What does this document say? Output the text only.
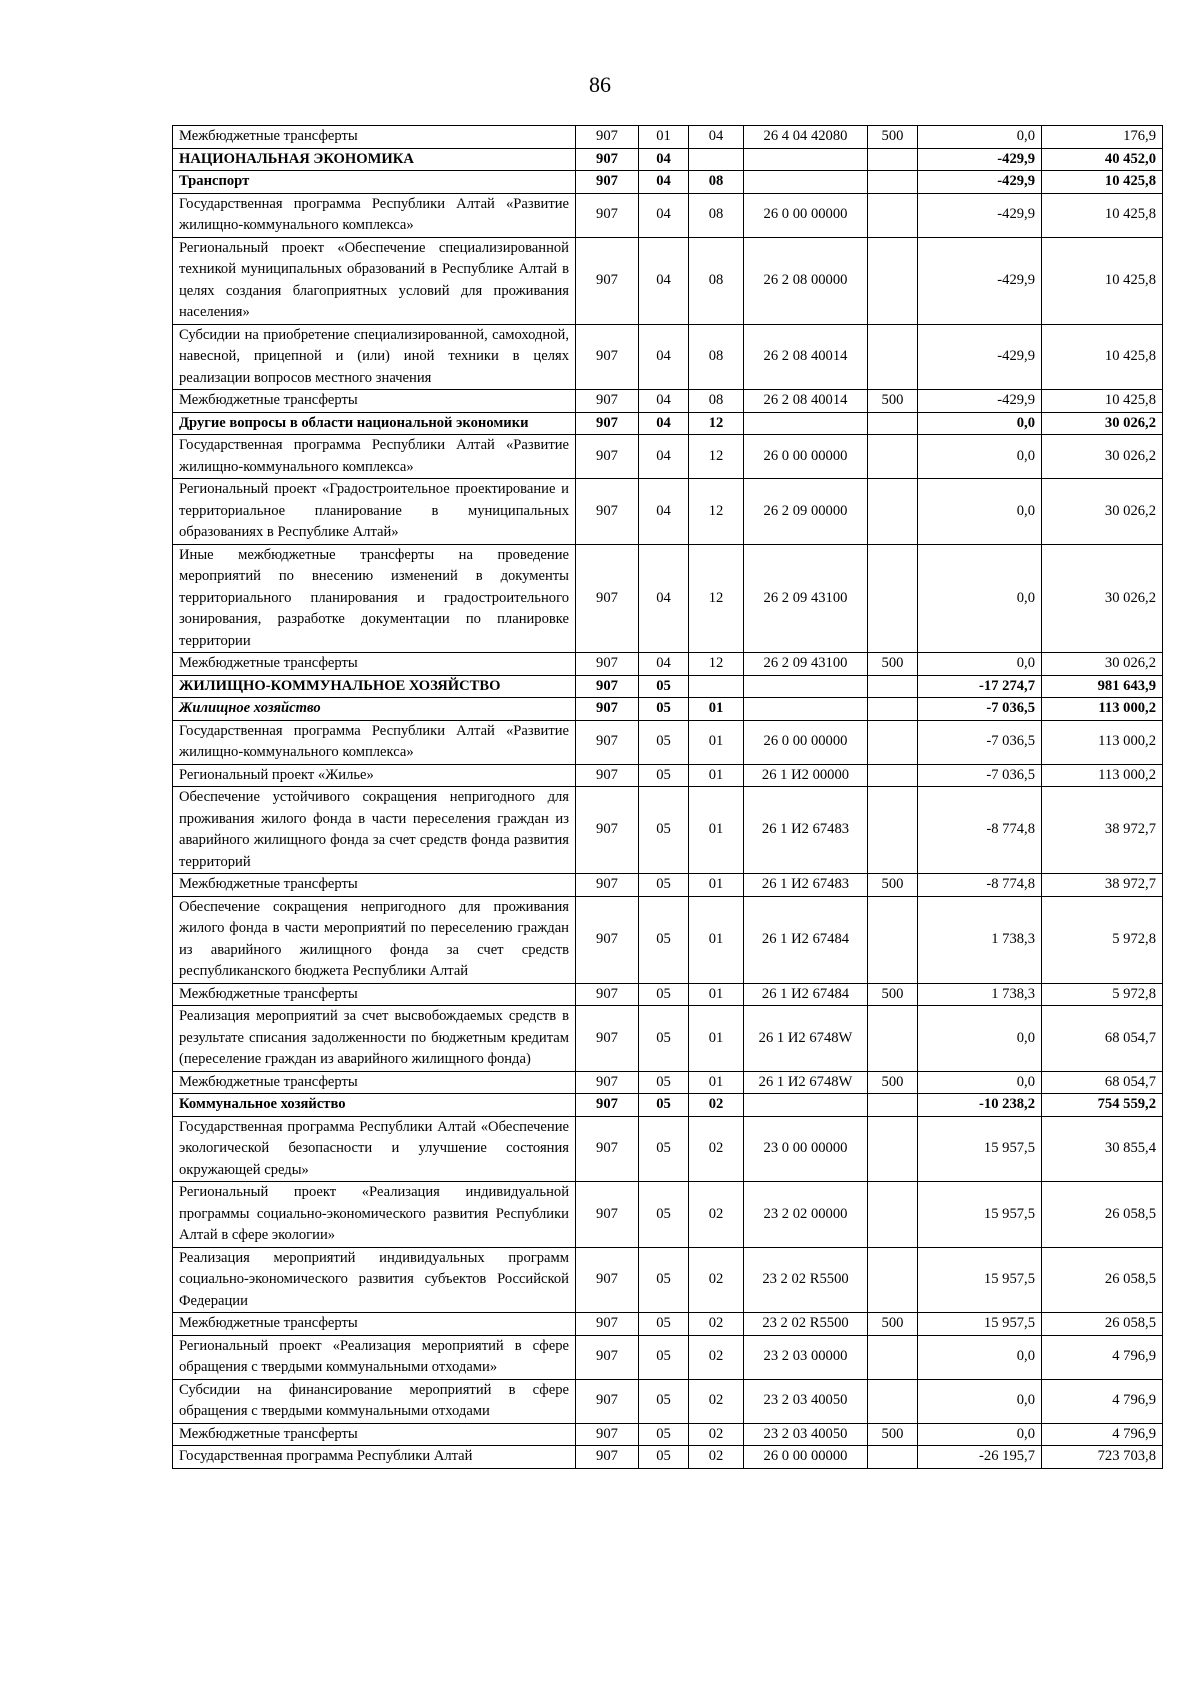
86
Межбюджетные трансферты	907	01	04	26 4 04 42080	500	0,0	176,9
НАЦИОНАЛЬНАЯ ЭКОНОМИКА	907	04				-429,9	40 452,0
Транспорт	907	04	08			-429,9	10 425,8
Государственная программа Республики Алтай «Развитие жилищно-коммунального комплекса»	907	04	08	26 0 00 00000		-429,9	10 425,8
Региональный проект «Обеспечение специализированной техникой муниципальных образований в Республике Алтай в целях создания благоприятных условий для проживания населения»	907	04	08	26 2 08 00000		-429,9	10 425,8
Субсидии на приобретение специализированной, самоходной, навесной, прицепной и (или) иной техники в целях реализации вопросов местного значения	907	04	08	26 2 08 40014		-429,9	10 425,8
Межбюджетные трансферты	907	04	08	26 2 08 40014	500	-429,9	10 425,8
Другие вопросы в области национальной экономики	907	04	12			0,0	30 026,2
Государственная программа Республики Алтай «Развитие жилищно-коммунального комплекса»	907	04	12	26 0 00 00000		0,0	30 026,2
Региональный проект «Градостроительное проектирование и территориальное планирование в муниципальных образованиях в Республике Алтай»	907	04	12	26 2 09 00000		0,0	30 026,2
Иные межбюджетные трансферты на проведение мероприятий по внесению изменений в документы территориального планирования и градостроительного зонирования, разработке документации по планировке территории	907	04	12	26 2 09 43100		0,0	30 026,2
Межбюджетные трансферты	907	04	12	26 2 09 43100	500	0,0	30 026,2
ЖИЛИЩНО-КОММУНАЛЬНОЕ ХОЗЯЙСТВО	907	05				-17 274,7	981 643,9
Жилищное хозяйство	907	05	01			-7 036,5	113 000,2
Государственная программа Республики Алтай «Развитие жилищно-коммунального комплекса»	907	05	01	26 0 00 00000		-7 036,5	113 000,2
Региональный проект «Жилье»	907	05	01	26 1 И2 00000		-7 036,5	113 000,2
Обеспечение устойчивого сокращения непригодного для проживания жилого фонда в части переселения граждан из аварийного жилищного фонда за счет средств фонда развития территорий	907	05	01	26 1 И2 67483		-8 774,8	38 972,7
Межбюджетные трансферты	907	05	01	26 1 И2 67483	500	-8 774,8	38 972,7
Обеспечение сокращения непригодного для проживания жилого фонда в части мероприятий по переселению граждан из аварийного жилищного фонда за счет средств республиканского бюджета Республики Алтай	907	05	01	26 1 И2 67484		1 738,3	5 972,8
Межбюджетные трансферты	907	05	01	26 1 И2 67484	500	1 738,3	5 972,8
Реализация мероприятий за счет высвобождаемых средств в результате списания задолженности по бюджетным кредитам (переселение граждан из аварийного жилищного фонда)	907	05	01	26 1 И2 6748W		0,0	68 054,7
Межбюджетные трансферты	907	05	01	26 1 И2 6748W	500	0,0	68 054,7
Коммунальное хозяйство	907	05	02			-10 238,2	754 559,2
Государственная программа Республики Алтай «Обеспечение экологической безопасности и улучшение состояния окружающей среды»	907	05	02	23 0 00 00000		15 957,5	30 855,4
Региональный проект «Реализация индивидуальной программы социально-экономического развития Республики Алтай в сфере экологии»	907	05	02	23 2 02 00000		15 957,5	26 058,5
Реализация мероприятий индивидуальных программ социально-экономического развития субъектов Российской Федерации	907	05	02	23 2 02 R5500		15 957,5	26 058,5
Межбюджетные трансферты	907	05	02	23 2 02 R5500	500	15 957,5	26 058,5
Региональный проект «Реализация мероприятий в сфере обращения с твердыми коммунальными отходами»	907	05	02	23 2 03 00000		0,0	4 796,9
Субсидии на финансирование мероприятий в сфере обращения с твердыми коммунальными отходами	907	05	02	23 2 03 40050		0,0	4 796,9
Межбюджетные трансферты	907	05	02	23 2 03 40050	500	0,0	4 796,9
Государственная программа Республики Алтай	907	05	02	26 0 00 00000		-26 195,7	723 703,8
